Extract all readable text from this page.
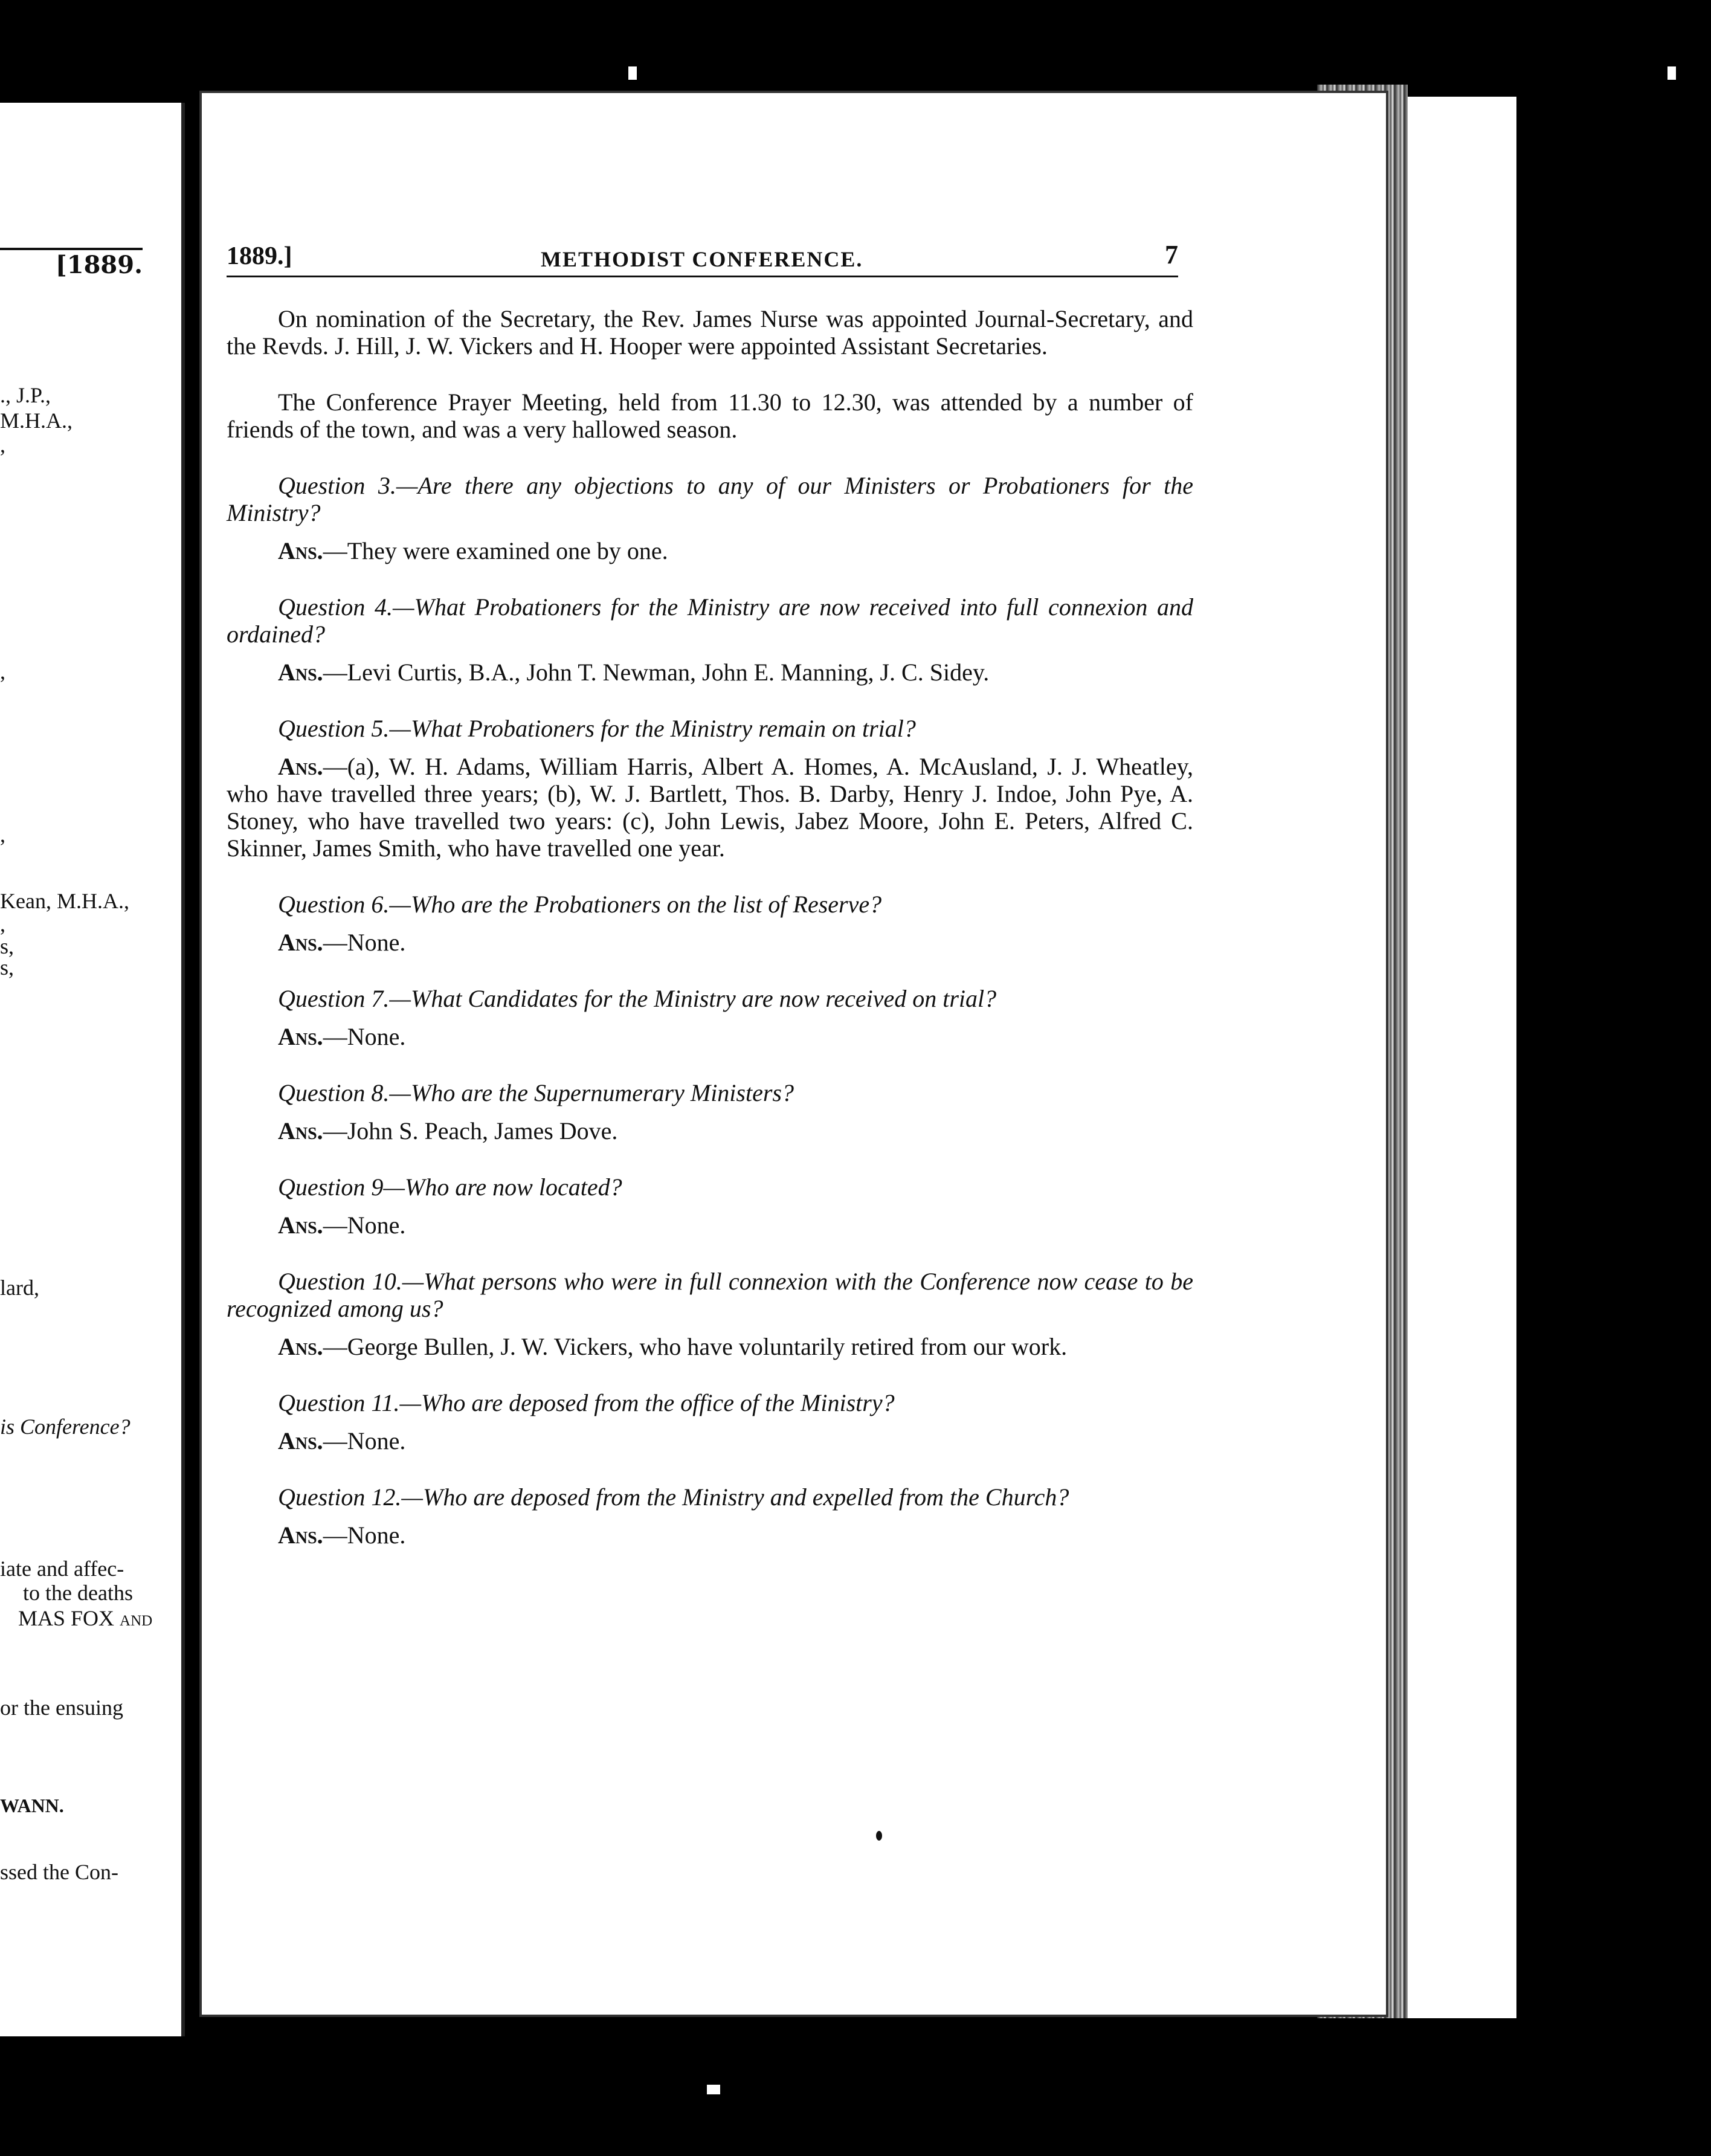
[1889.
., J.P.,
M.H.A.,
,
,
,
Kean, M.H.A.,
,
s,
s,
lard,
is Conference?
iate and affec-
to the deaths
MAS FOX and
or the ensuing
WANN.
ssed the Con-
1889.]	METHODIST CONFERENCE.	7

On nomination of the Secretary, the Rev. James Nurse was appointed Journal-Secretary, and the Revds. J. Hill, J. W. Vickers and H. Hooper were appointed Assistant Secretaries.

The Conference Prayer Meeting, held from 11.30 to 12.30, was attended by a number of friends of the town, and was a very hallowed season.

Question 3.—Are there any objections to any of our Ministers or Probationers for the Ministry?

Ans.—They were examined one by one.

Question 4.—What Probationers for the Ministry are now received into full connexion and ordained?

Ans.—Levi Curtis, B.A., John T. Newman, John E. Manning, J. C. Sidey.

Question 5.—What Probationers for the Ministry remain on trial?

Ans.—(a), W. H. Adams, William Harris, Albert A. Homes, A. McAusland, J. J. Wheatley, who have travelled three years; (b), W. J. Bartlett, Thos. B. Darby, Henry J. Indoe, John Pye, A. Stoney, who have travelled two years: (c), John Lewis, Jabez Moore, John E. Peters, Alfred C. Skinner, James Smith, who have travelled one year.

Question 6.—Who are the Probationers on the list of Reserve?

Ans.—None.

Question 7.—What Candidates for the Ministry are now received on trial?

Ans.—None.

Question 8.—Who are the Supernumerary Ministers?

Ans.—John S. Peach, James Dove.

Question 9—Who are now located?

Ans.—None.

Question 10.—What persons who were in full connexion with the Conference now cease to be recognized among us?

Ans.—George Bullen, J. W. Vickers, who have voluntarily retired from our work.

Question 11.—Who are deposed from the office of the Ministry?

Ans.—None.

Question 12.—Who are deposed from the Ministry and expelled from the Church?

Ans.—None.
